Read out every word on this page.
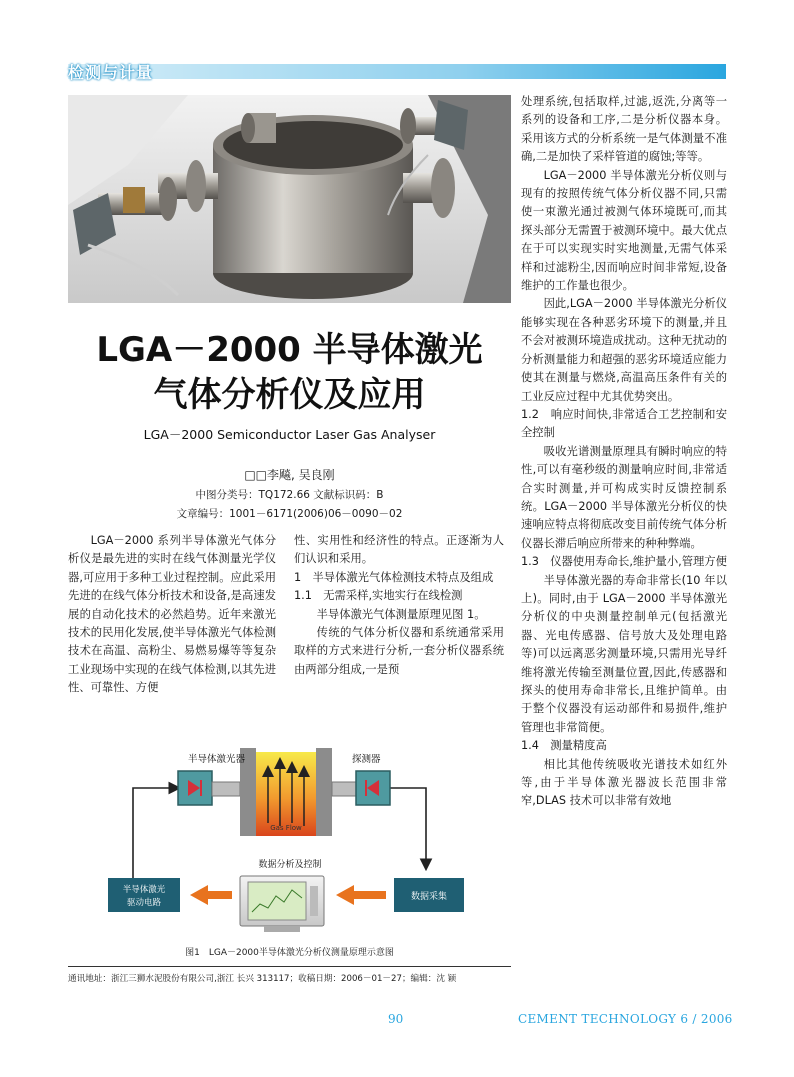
检测与计量
LGA－2000 半导体激光
气体分析仪及应用
LGA－2000 Semiconductor Laser Gas Analyser
□□李飚, 吴良刚
中图分类号：TQ172.66 文献标识码：B
文章编号：1001－6171(2006)06－0090－02

LGA－2000 系列半导体激光气体分析仪是最先进的实时在线气体测量光学仪器,可应用于多种工业过程控制。应此采用先进的在线气体分析技术和设备,是高速发展的自动化技术的必然趋势。近年来激光技术的民用化发展,使半导体激光气体检测技术在高温、高粉尘、易燃易爆等等复杂工业现场中实现的在线气体检测,以其先进性、可靠性、方便

性、实用性和经济性的特点。正逐渐为人们认识和采用。

1　半导体激光气体检测技术特点及组成

1.1　无需采样,实地实行在线检测

半导体激光气体测量原理见图 1。

传统的气体分析仪器和系统通常采用取样的方式来进行分析,一套分析仪器系统由两部分组成,一是预

处理系统,包括取样,过滤,返洗,分离等一系列的设备和工序,二是分析仪器本身。采用该方式的分析系统一是气体测量不准确,二是加快了采样管道的腐蚀;等等。

LGA－2000 半导体激光分析仪则与现有的按照传统气体分析仪器不同,只需使一束激光通过被测气体环境既可,而其探头部分无需置于被测环境中。最大优点在于可以实现实时实地测量,无需气体采样和过滤粉尘,因而响应时间非常短,设备维护的工作量也很少。

因此,LGA－2000 半导体激光分析仪能够实现在各种恶劣环境下的测量,并且不会对被测环境造成扰动。这种无扰动的分析测量能力和超强的恶劣环境适应能力使其在测量与燃烧,高温高压条件有关的工业反应过程中尤其优势突出。

1.2　响应时间快,非常适合工艺控制和安全控制

吸收光谱测量原理具有瞬时响应的特性,可以有毫秒级的测量响应时间,非常适合实时测量,并可构成实时反馈控制系统。LGA－2000 半导体激光分析仪的快速响应特点将彻底改变目前传统气体分析仪器长滞后响应所带来的种种弊端。

1.3　仪器使用寿命长,维护量小,管理方便

半导体激光器的寿命非常长(10 年以上)。同时,由于 LGA－2000 半导体激光分析仪的中央测量控制单元(包括激光器、光电传感器、信号放大及处理电路等)可以远离恶劣测量环境,只需用光导纤维将激光传输至测量位置,因此,传感器和探头的使用寿命非常长,且维护简单。由于整个仪器没有运动部件和易损件,维护管理也非常简便。

1.4　测量精度高

相比其他传统吸收光谱技术如红外等,由于半导体激光器波长范围非常窄,DLAS 技术可以非常有效地

Gas Flow
半导体激光器	探测器
数据分析及控制
半导体激光
驱动电路
数据采集
图1　LGA－2000半导体激光分析仪测量原理示意图
通讯地址：浙江三狮水泥股份有限公司,浙江 长兴 313117；收稿日期：2006－01－27；编辑：沈 颖
90	CEMENT TECHNOLOGY 6 / 2006
